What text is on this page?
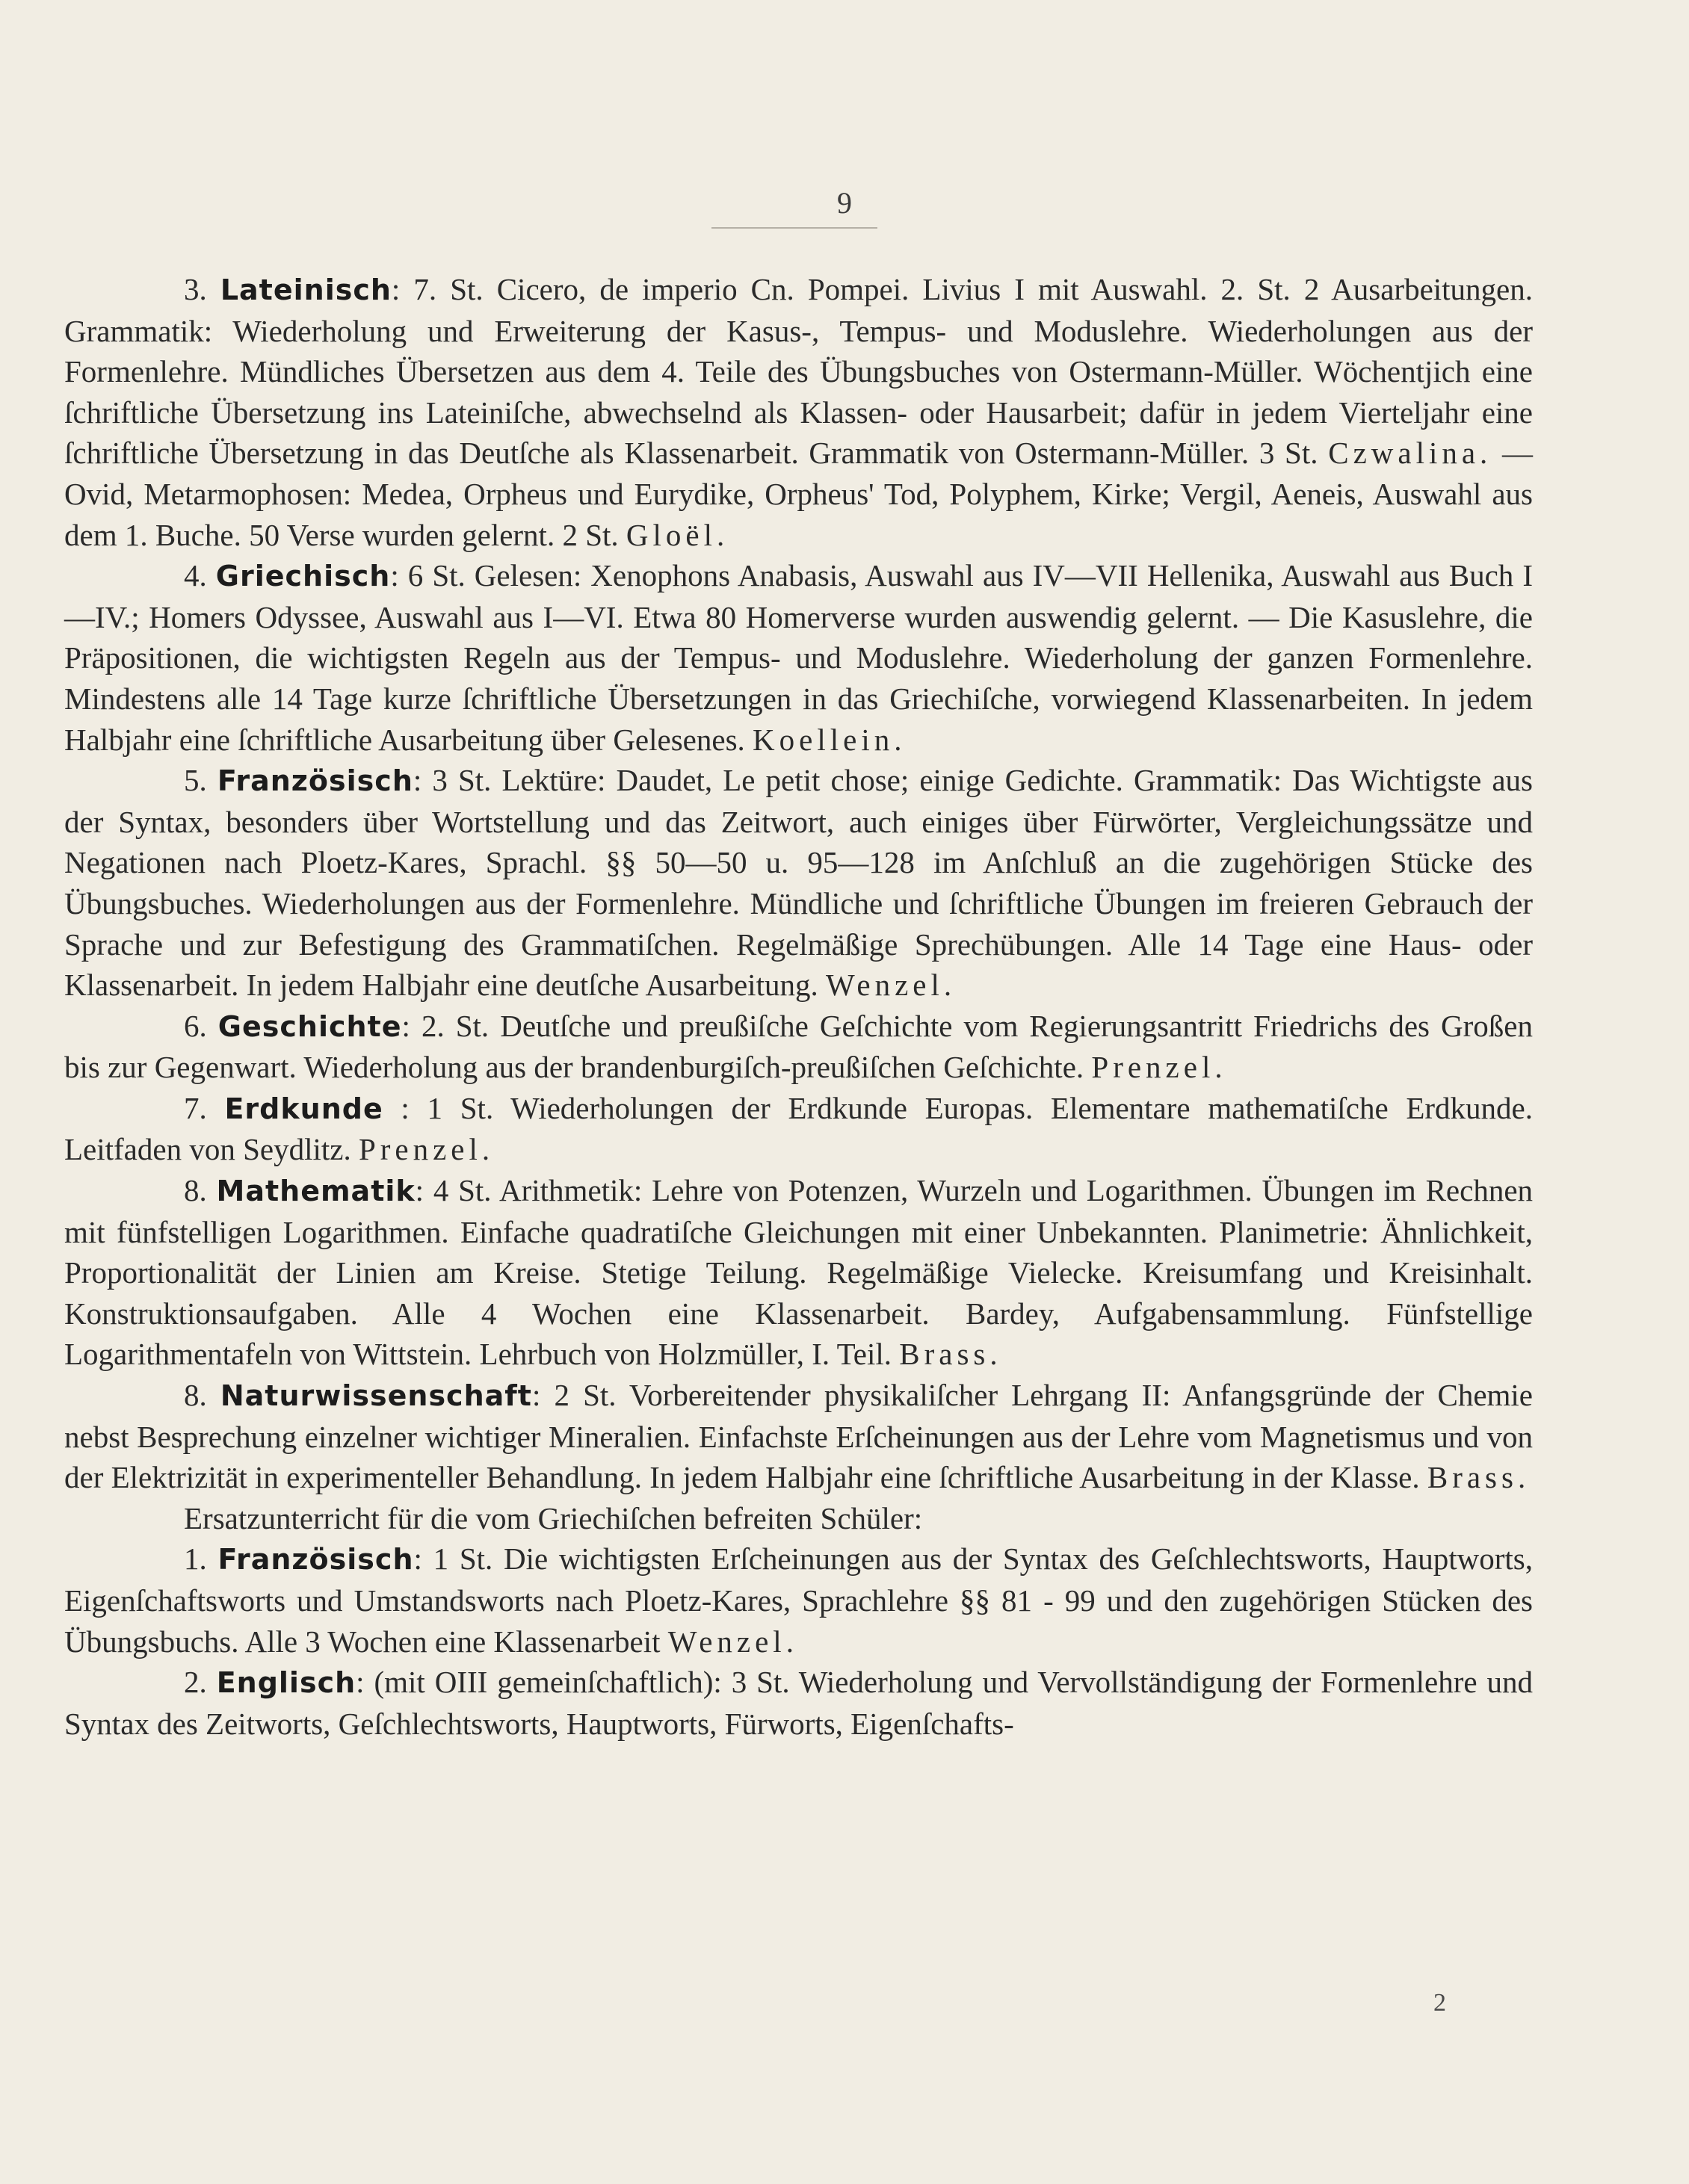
9

3. Lateinisch: 7. St. Cicero, de imperio Cn. Pompei. Livius I mit Auswahl. 2. St. 2 Ausarbeitungen. Grammatik: Wiederholung und Erweiterung der Kasus-, Tempus- und Moduslehre. Wiederholungen aus der Formenlehre. Mündliches Übersetzen aus dem 4. Teile des Übungsbuches von Ostermann-Müller. Wöchentjich eine ſchriftliche Übersetzung ins Lateiniſche, abwechselnd als Klassen- oder Hausarbeit; dafür in jedem Vierteljahr eine ſchriftliche Übersetzung in das Deutſche als Klassenarbeit. Grammatik von Ostermann-Müller. 3 St. Czwalina. — Ovid, Metarmophosen: Medea, Orpheus und Eurydike, Orpheus' Tod, Polyphem, Kirke; Vergil, Aeneis, Auswahl aus dem 1. Buche. 50 Verse wurden gelernt. 2 St. Gloël.

4. Griechisch: 6 St. Gelesen: Xenophons Anabasis, Auswahl aus IV—VII Hellenika, Auswahl aus Buch I—IV.; Homers Odyssee, Auswahl aus I—VI. Etwa 80 Homerverse wurden auswendig gelernt. — Die Kasuslehre, die Präpositionen, die wichtigsten Regeln aus der Tempus- und Moduslehre. Wiederholung der ganzen Formenlehre. Mindestens alle 14 Tage kurze ſchriftliche Übersetzungen in das Griechiſche, vorwiegend Klassenarbeiten. In jedem Halbjahr eine ſchriftliche Ausarbeitung über Gelesenes. Koellein.

5. Französisch: 3 St. Lektüre: Daudet, Le petit chose; einige Gedichte. Grammatik: Das Wichtigste aus der Syntax, besonders über Wortstellung und das Zeitwort, auch einiges über Fürwörter, Vergleichungssätze und Negationen nach Ploetz-Kares, Sprachl. §§ 50—50 u. 95—128 im Anſchluß an die zugehörigen Stücke des Übungsbuches. Wiederholungen aus der Formenlehre. Mündliche und ſchriftliche Übungen im freieren Gebrauch der Sprache und zur Befestigung des Grammatiſchen. Regelmäßige Sprechübungen. Alle 14 Tage eine Haus- oder Klassenarbeit. In jedem Halbjahr eine deutſche Ausarbeitung. Wenzel.

6. Geschichte: 2. St. Deutſche und preußiſche Geſchichte vom Regierungsantritt Friedrichs des Großen bis zur Gegenwart. Wiederholung aus der brandenburgiſch-preußiſchen Geſchichte. Prenzel.

7. Erdkunde : 1 St. Wiederholungen der Erdkunde Europas. Elementare mathematiſche Erdkunde. Leitfaden von Seydlitz. Prenzel.

8. Mathematik: 4 St. Arithmetik: Lehre von Potenzen, Wurzeln und Logarithmen. Übungen im Rechnen mit fünfstelligen Logarithmen. Einfache quadratiſche Gleichungen mit einer Unbekannten. Planimetrie: Ähnlichkeit, Proportionalität der Linien am Kreise. Stetige Teilung. Regelmäßige Vielecke. Kreisumfang und Kreisinhalt. Konstruktionsaufgaben. Alle 4 Wochen eine Klassenarbeit. Bardey, Aufgabensammlung. Fünfstellige Logarithmentafeln von Wittstein. Lehrbuch von Holzmüller, I. Teil. Brass.

8. Naturwissenschaft: 2 St. Vorbereitender physikaliſcher Lehrgang II: Anfangsgründe der Chemie nebst Besprechung einzelner wichtiger Mineralien. Einfachste Erſcheinungen aus der Lehre vom Magnetismus und von der Elektrizität in experimenteller Behandlung. In jedem Halbjahr eine ſchriftliche Ausarbeitung in der Klasse. Brass.

Ersatzunterricht für die vom Griechiſchen befreiten Schüler:

1. Französisch: 1 St. Die wichtigsten Erſcheinungen aus der Syntax des Geſchlechtsworts, Hauptworts, Eigenſchaftsworts und Umstandsworts nach Ploetz-Kares, Sprachlehre §§ 81 - 99 und den zugehörigen Stücken des Übungsbuchs. Alle 3 Wochen eine Klassenarbeit Wenzel.

2. Englisch: (mit OIII gemeinſchaftlich): 3 St. Wiederholung und Vervollständigung der Formenlehre und Syntax des Zeitworts, Geſchlechtsworts, Hauptworts, Fürworts, Eigenſchafts-

2
